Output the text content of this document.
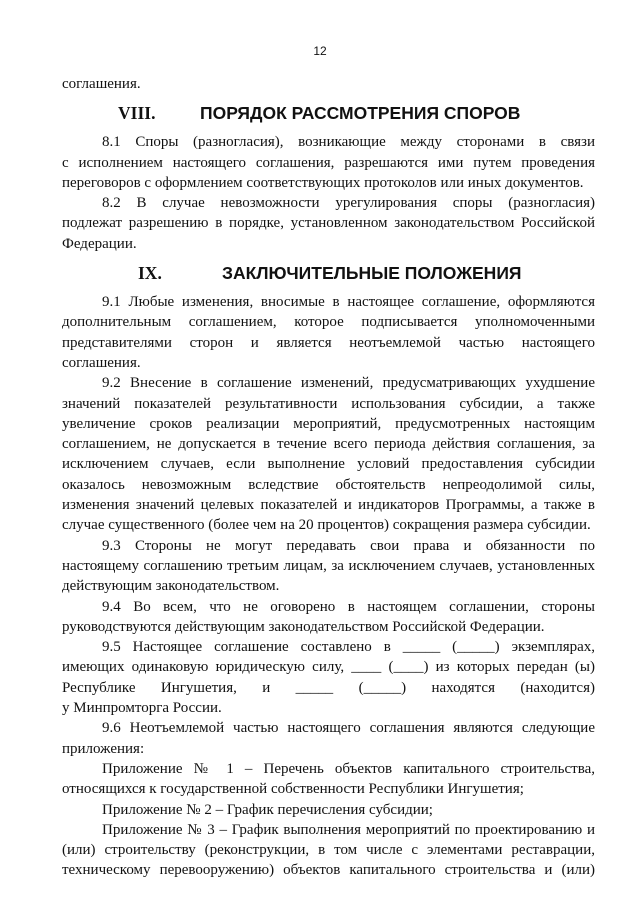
12
соглашения.
VIII.	ПОРЯДОК РАССМОТРЕНИЯ СПОРОВ
8.1 Споры (разногласия), возникающие между сторонами в связи
с исполнением настоящего соглашения, разрешаются ими путем проведения
переговоров с оформлением соответствующих протоколов или иных документов.
8.2 В случае невозможности урегулирования споры (разногласия)
подлежат разрешению в порядке, установленном законодательством Российской
Федерации.
IX.	ЗАКЛЮЧИТЕЛЬНЫЕ ПОЛОЖЕНИЯ
9.1 Любые изменения, вносимые в настоящее соглашение, оформляются
дополнительным соглашением, которое подписывается уполномоченными
представителями сторон и является неотъемлемой частью настоящего
соглашения.
9.2 Внесение в соглашение изменений, предусматривающих ухудшение
значений показателей результативности использования субсидии, а также
увеличение сроков реализации мероприятий, предусмотренных настоящим
соглашением, не допускается в течение всего периода действия соглашения, за
исключением случаев, если выполнение условий предоставления субсидии
оказалось невозможным вследствие обстоятельств непреодолимой силы,
изменения значений целевых показателей и индикаторов Программы, а также в
случае существенного (более чем на 20 процентов) сокращения размера субсидии.
9.3 Стороны не могут передавать свои права и обязанности по
настоящему соглашению третьим лицам, за исключением случаев, установленных
действующим законодательством.
9.4 Во всем, что не оговорено в настоящем соглашении, стороны
руководствуются действующим законодательством Российской Федерации.
9.5 Настоящее соглашение составлено в _____ (_____) экземплярах,
имеющих одинаковую юридическую силу, ____ (____) из которых передан (ы)
Республике Ингушетия, и _____ (_____) находятся (находится)
у Минпромторга России.
9.6 Неотъемлемой частью настоящего соглашения являются следующие
приложения:
Приложение № 1 – Перечень объектов капитального строительства,
относящихся к государственной собственности Республики Ингушетия;
Приложение № 2 – График перечисления субсидии;
Приложение № 3 – График выполнения мероприятий по проектированию и
(или) строительству (реконструкции, в том числе с элементами реставрации,
техническому перевооружению) объектов капитального строительства и (или)
